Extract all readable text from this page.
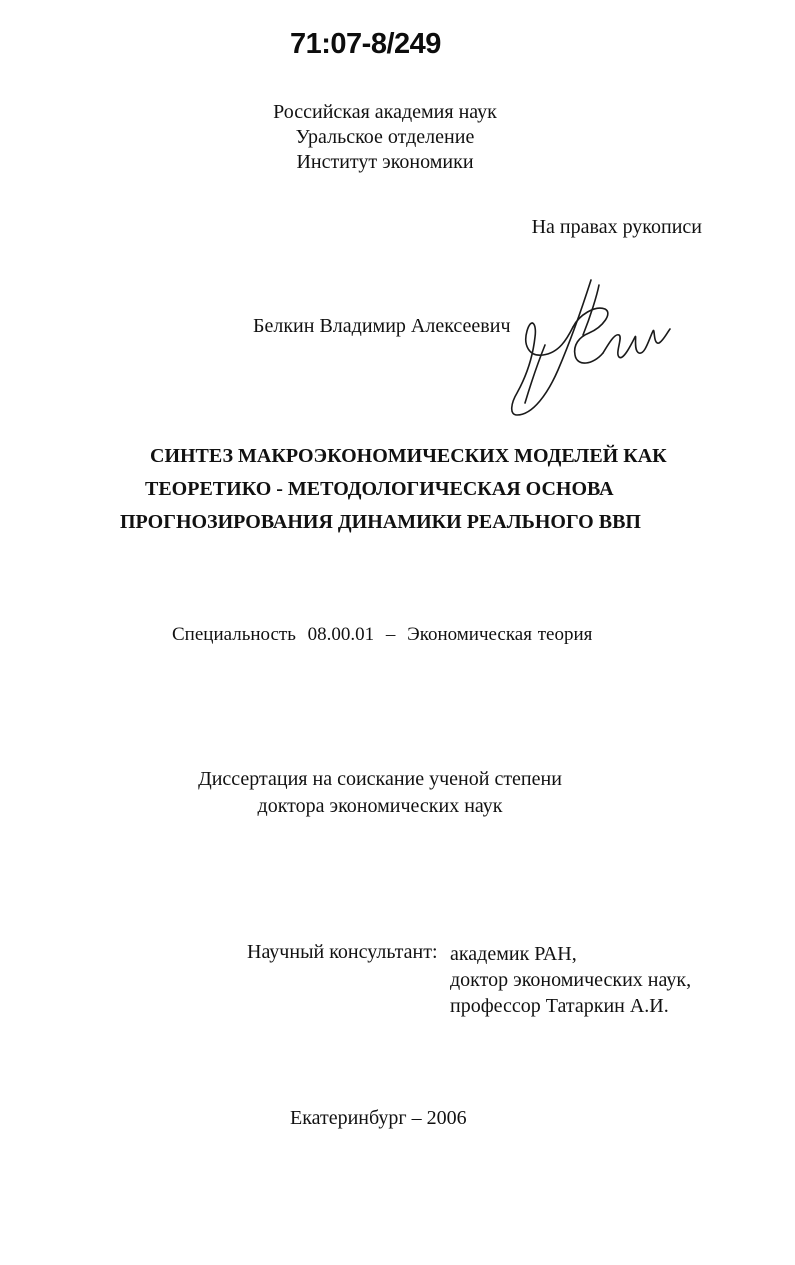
71:07-8/249
Российская академия наук
Уральское отделение
Институт экономики
На правах рукописи
Белкин Владимир Алексеевич
СИНТЕЗ МАКРОЭКОНОМИЧЕСКИХ МОДЕЛЕЙ КАК
ТЕОРЕТИКО - МЕТОДОЛОГИЧЕСКАЯ ОСНОВА
ПРОГНОЗИРОВАНИЯ ДИНАМИКИ РЕАЛЬНОГО ВВП
Специальность 08.00.01 – Экономическая теория
Диссертация на соискание ученой степени
доктора экономических наук
Научный консультант: академик РАН,
доктор экономических наук,
профессор Татаркин А.И.
Екатеринбург – 2006
